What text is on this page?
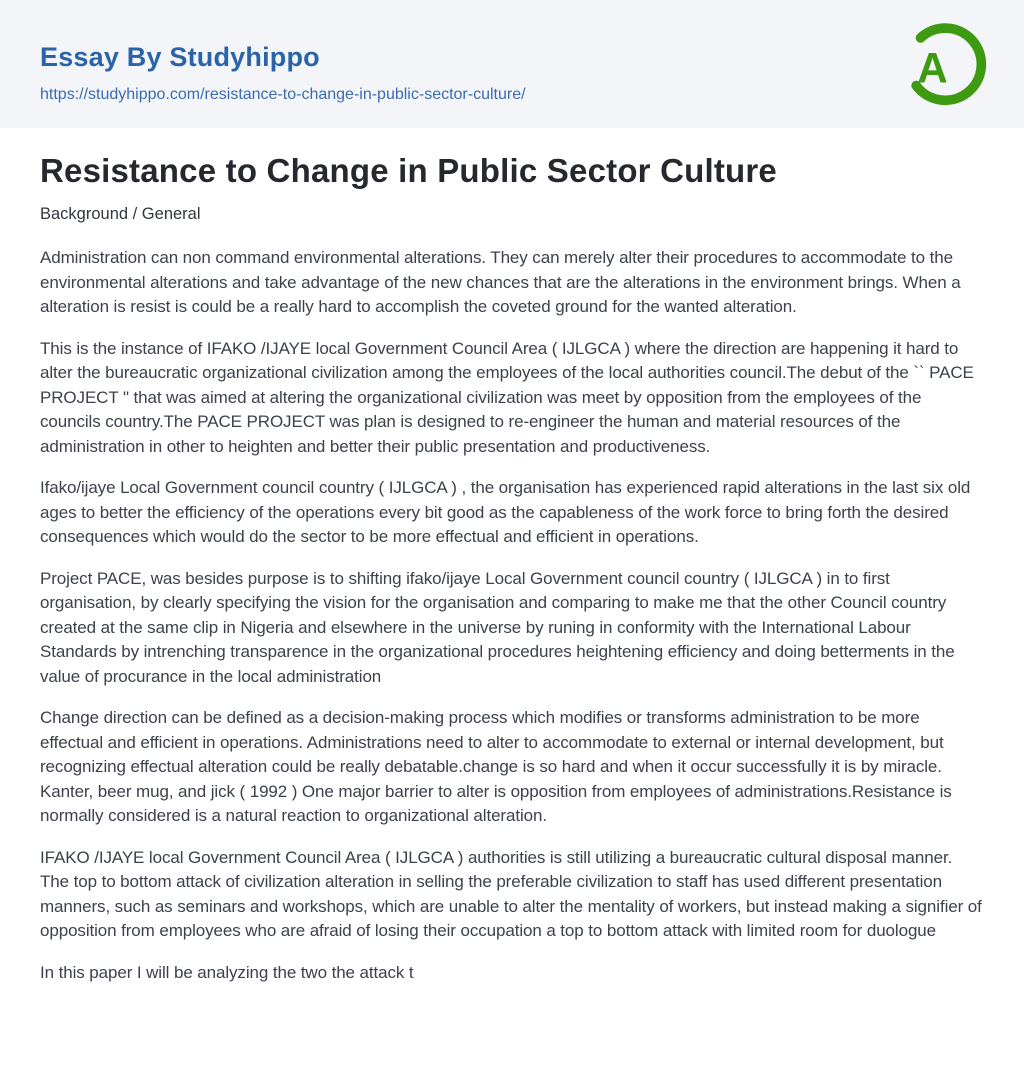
Essay By Studyhippo
https://studyhippo.com/resistance-to-change-in-public-sector-culture/
A
Resistance to Change in Public Sector Culture
Background / General

Administration can non command environmental alterations. They can merely alter their procedures to accommodate to the environmental alterations and take advantage of the new chances that are the alterations in the environment brings. When a alteration is resist is could be a really hard to accomplish the coveted ground for the wanted alteration.

This is the instance of IFAKO /IJAYE local Government Council Area ( IJLGCA ) where the direction are happening it hard to alter the bureaucratic organizational civilization among the employees of the local authorities council.The debut of the `` PACE PROJECT " that was aimed at altering the organizational civilization was meet by opposition from the employees of the councils country.The PACE PROJECT was plan is designed to re-engineer the human and material resources of the administration in other to heighten and better their public presentation and productiveness.

Ifako/ijaye Local Government council country ( IJLGCA ) , the organisation has experienced rapid alterations in the last six old ages to better the efficiency of the operations every bit good as the capableness of the work force to bring forth the desired consequences which would do the sector to be more effectual and efficient in operations.

Project PACE, was besides purpose is to shifting ifako/ijaye Local Government council country ( IJLGCA ) in to first organisation, by clearly specifying the vision for the organisation and comparing to make me that the other Council country created at the same clip in Nigeria and elsewhere in the universe by runing in conformity with the International Labour Standards by intrenching transparence in the organizational procedures heightening efficiency and doing betterments in the value of procurance in the local administration

Change direction can be defined as a decision-making process which modifies or transforms administration to be more effectual and efficient in operations. Administrations need to alter to accommodate to external or internal development, but recognizing effectual alteration could be really debatable.change is so hard and when it occur successfully it is by miracle. Kanter, beer mug, and jick ( 1992 ) One major barrier to alter is opposition from employees of administrations.Resistance is normally considered is a natural reaction to organizational alteration.

IFAKO /IJAYE local Government Council Area ( IJLGCA ) authorities is still utilizing a bureaucratic cultural disposal manner. The top to bottom attack of civilization alteration in selling the preferable civilization to staff has used different presentation manners, such as seminars and workshops, which are unable to alter the mentality of workers, but instead making a signifier of opposition from employees who are afraid of losing their occupation a top to bottom attack with limited room for duologue

In this paper I will be analyzing the two the attack t
